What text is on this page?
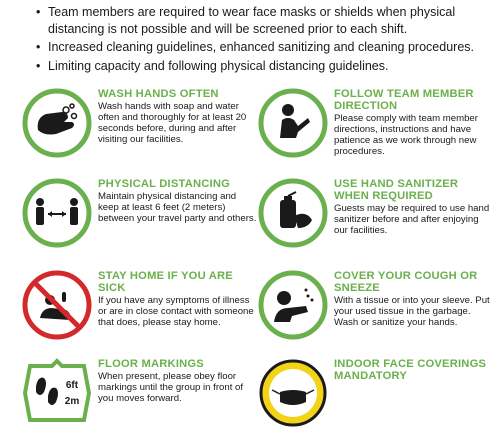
• Team members are required to wear face masks or shields when physical distancing is not possible and will be screened prior to each shift.
• Increased cleaning guidelines, enhanced sanitizing and cleaning procedures.
• Limiting capacity and following physical distancing guidelines.
WASH HANDS OFTEN
Wash hands with soap and water often and thoroughly for at least 20 seconds before, during and after visiting our facilities.
FOLLOW TEAM MEMBER DIRECTION
Please comply with team member directions, instructions and have patience as we work through new procedures.
PHYSICAL DISTANCING
Maintain physical distancing and keep at least 6 feet (2 meters) between your travel party and others.
USE HAND SANITIZER WHEN REQUIRED
Guests may be required to use hand sanitizer before and after enjoying our facilities.
STAY HOME IF YOU ARE SICK
If you have any symptoms of illness or are in close contact with someone that does, please stay home.
COVER YOUR COUGH OR SNEEZE
With a tissue or into your sleeve. Put your used tissue in the garbage. Wash or sanitize your hands.
6ft
2m
FLOOR MARKINGS
When present, please obey floor markings until the group in front of you moves forward.
INDOOR FACE COVERINGS MANDATORY
